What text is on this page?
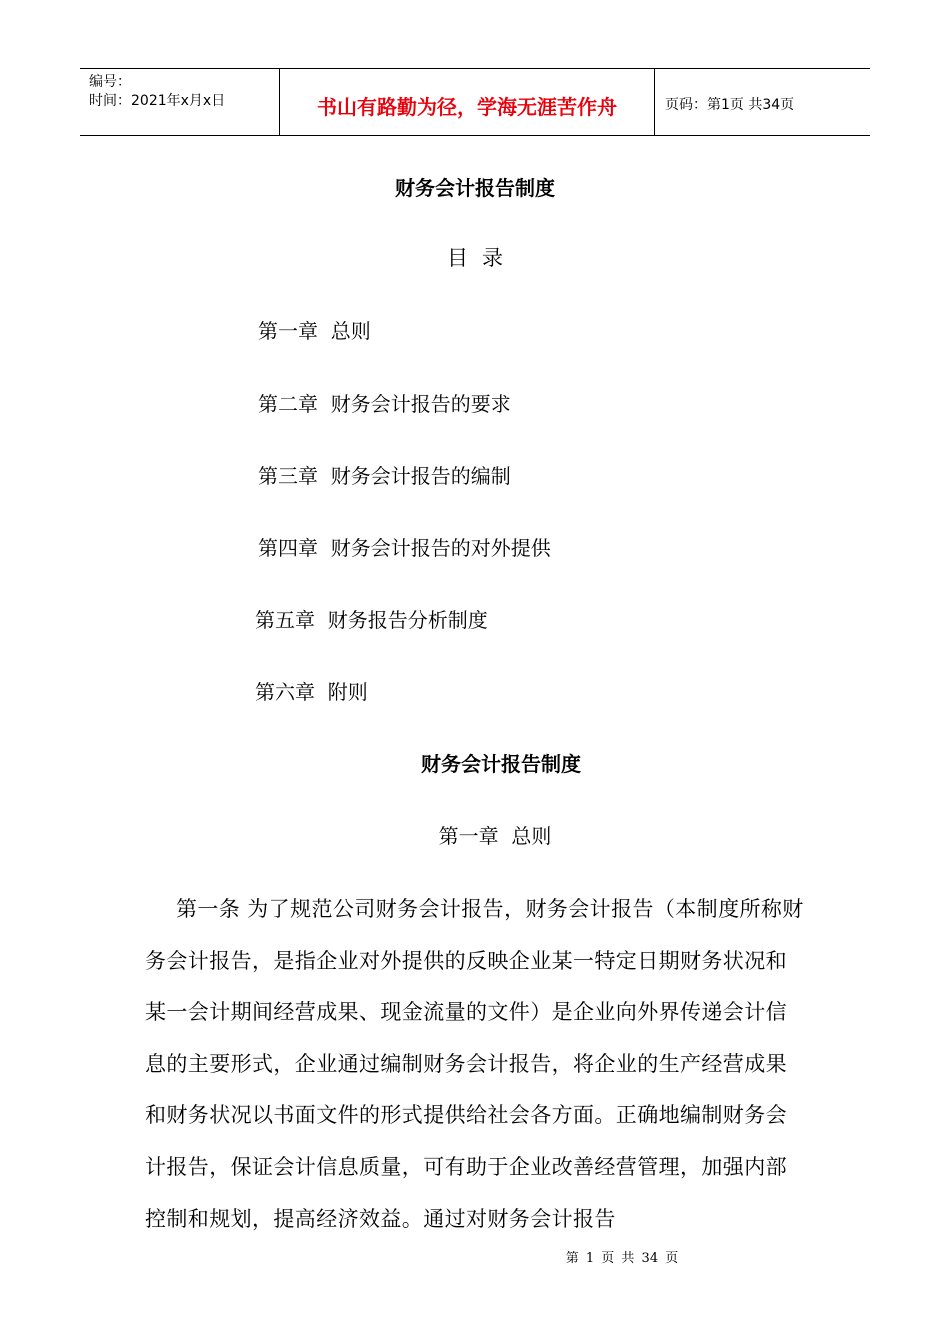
编号：
时间：2021年x月x日	书山有路勤为径，学海无涯苦作舟	页码：第1页 共34页
财务会计报告制度
目录
第一章  总则
第二章  财务会计报告的要求
第三章  财务会计报告的编制
第四章  财务会计报告的对外提供
第五章  财务报告分析制度
第六章  附则
财务会计报告制度
第一章  总则
第一条 为了规范公司财务会计报告，财务会计报告（本制度所称财务会计报告，是指企业对外提供的反映企业某一特定日期财务状况和某一会计期间经营成果、现金流量的文件）是企业向外界传递会计信息的主要形式，企业通过编制财务会计报告，将企业的生产经营成果和财务状况以书面文件的形式提供给社会各方面。正确地编制财务会计报告，保证会计信息质量，可有助于企业改善经营管理，加强内部控制和规划，提高经济效益。通过对财务会计报告
第 1 页 共 34 页
